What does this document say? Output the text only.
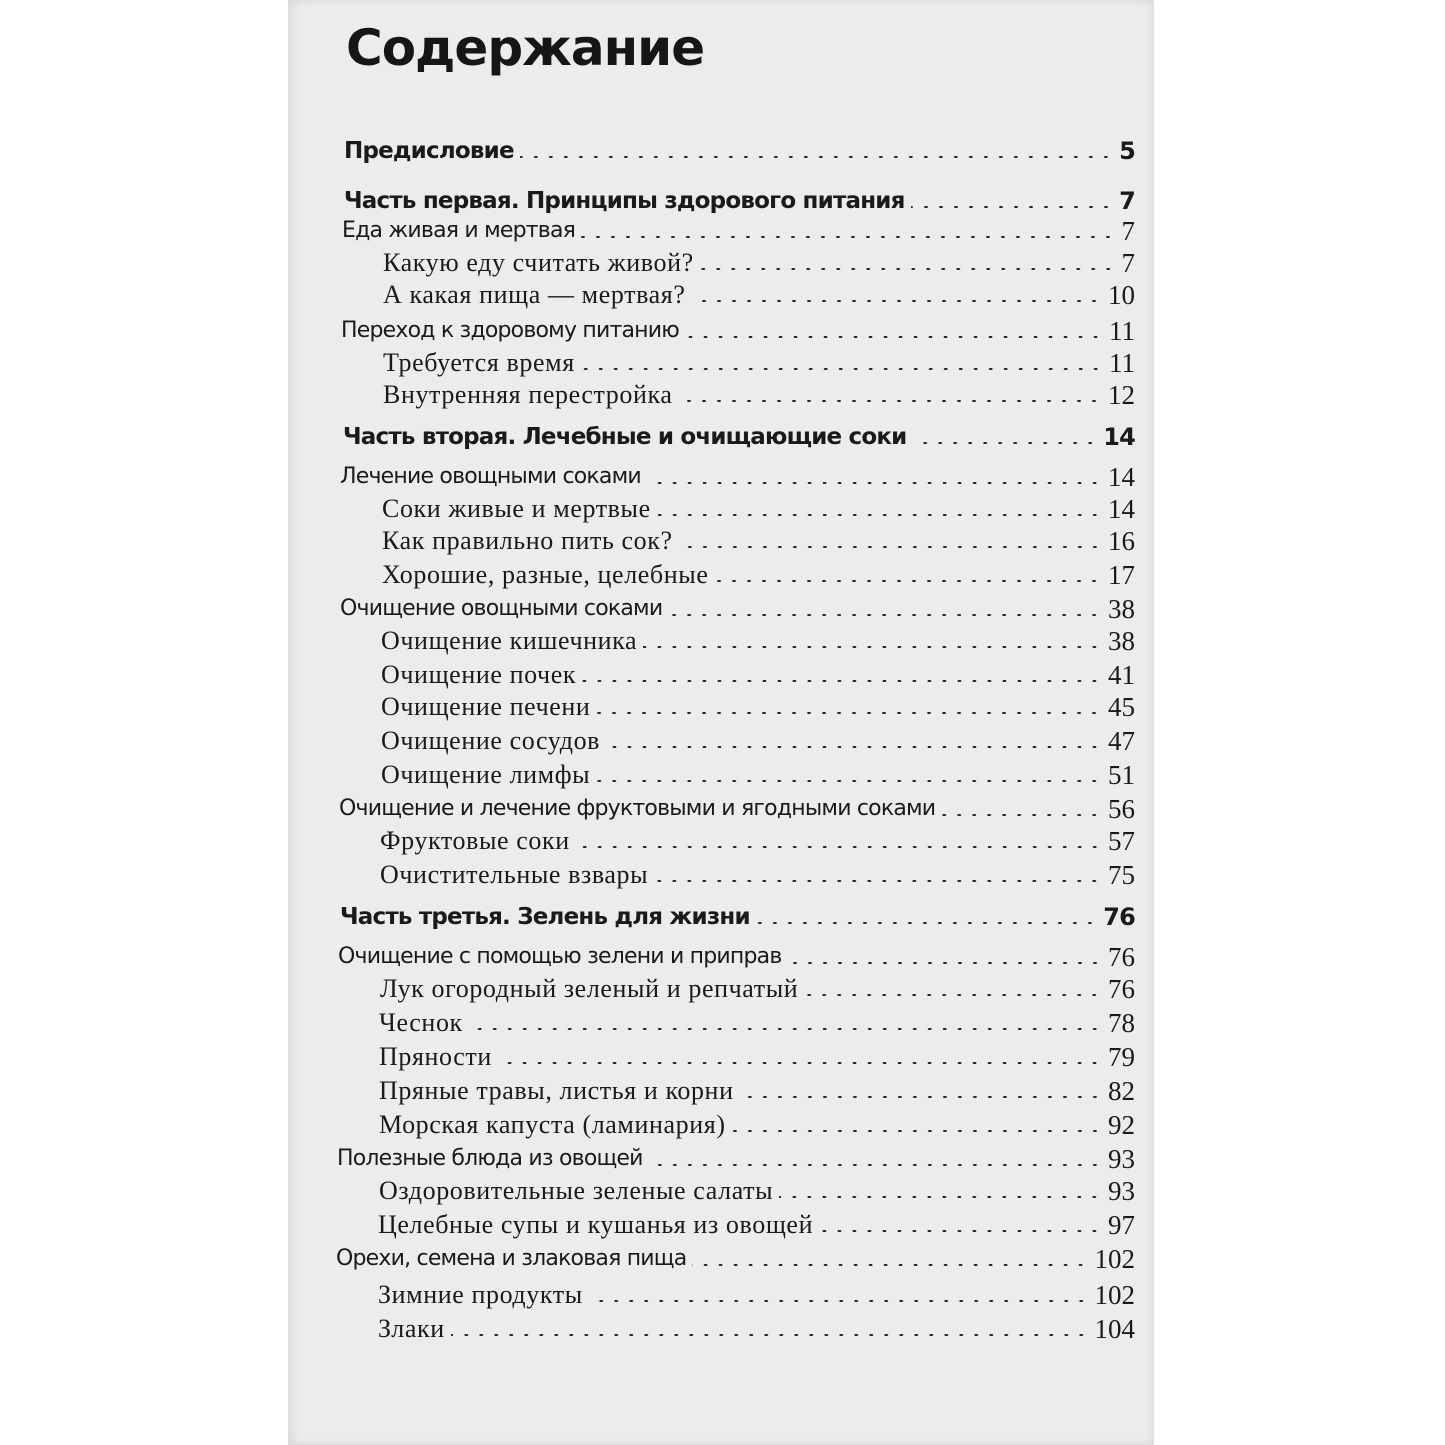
Содержание
Предисловие	5
Часть первая. Принципы здорового питания	7
Еда живая и мертвая	7
Какую еду считать живой?	7
А какая пища — мертвая?	10
Переход к здоровому питанию	11
Требуется время	11
Внутренняя перестройка	12
Часть вторая. Лечебные и очищающие соки	14
Лечение овощными соками	14
Соки живые и мертвые	14
Как правильно пить сок?	16
Хорошие, разные, целебные	17
Очищение овощными соками	38
Очищение кишечника	38
Очищение почек	41
Очищение печени	45
Очищение сосудов	47
Очищение лимфы	51
Очищение и лечение фруктовыми и ягодными соками	56
Фруктовые соки	57
Очистительные взвары	75
Часть третья. Зелень для жизни	76
Очищение с помощью зелени и приправ	76
Лук огородный зеленый и репчатый	76
Чеснок	78
Пряности	79
Пряные травы, листья и корни	82
Морская капуста (ламинария)	92
Полезные блюда из овощей	93
Оздоровительные зеленые салаты	93
Целебные супы и кушанья из овощей	97
Орехи, семена и злаковая пища	102
Зимние продукты	102
Злаки	104
